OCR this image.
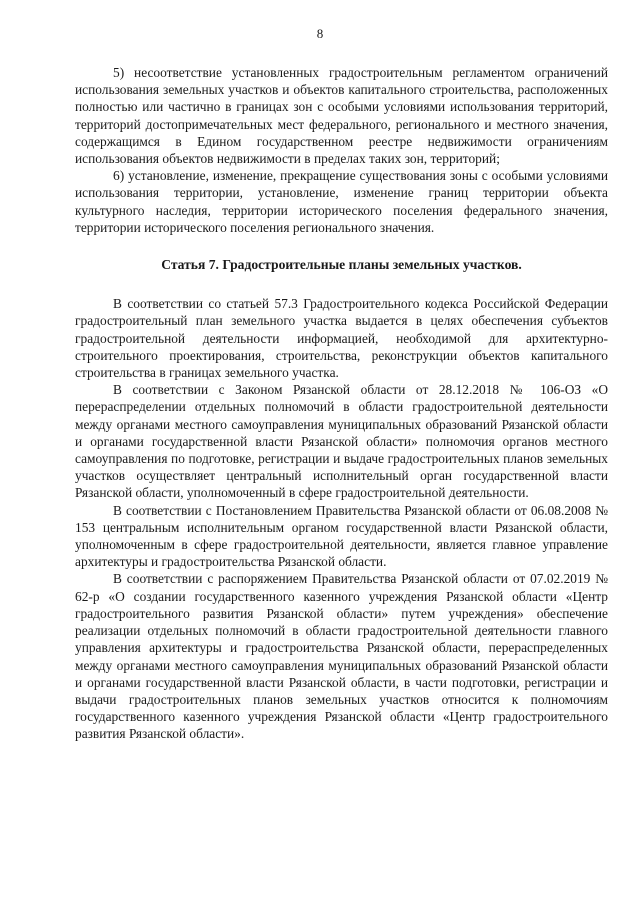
8

5) несоответствие установленных градостроительным регламентом ограничений использования земельных участков и объектов капитального строительства, расположенных полностью или частично в границах зон с особыми условиями использования территорий, территорий достопримечательных мест федерального, регионального и местного значения, содержащимся в Едином государственном реестре недвижимости ограничениям использования объектов недвижимости в пределах таких зон, территорий;

6) установление, изменение, прекращение существования зоны с особыми условиями использования территории, установление, изменение границ территории объекта культурного наследия, территории исторического поселения федерального значения, территории исторического поселения регионального значения.

Статья 7. Градостроительные планы земельных участков.

В соответствии со статьей 57.3 Градостроительного кодекса Российской Федерации градостроительный план земельного участка выдается в целях обеспечения субъектов градостроительной деятельности информацией, необходимой для архитектурно-строительного проектирования, строительства, реконструкции объектов капитального строительства в границах земельного участка.

В соответствии с Законом Рязанской области от 28.12.2018 № 106-ОЗ «О перераспределении отдельных полномочий в области градостроительной деятельности между органами местного самоуправления муниципальных образований Рязанской области и органами государственной власти Рязанской области» полномочия органов местного самоуправления по подготовке, регистрации и выдаче градостроительных планов земельных участков осуществляет центральный исполнительный орган государственной власти Рязанской области, уполномоченный в сфере градостроительной деятельности.

В соответствии с Постановлением Правительства Рязанской области от 06.08.2008 № 153 центральным исполнительным органом государственной власти Рязанской области, уполномоченным в сфере градостроительной деятельности, является главное управление архитектуры и градостроительства Рязанской области.

В соответствии с распоряжением Правительства Рязанской области от 07.02.2019 № 62-р «О создании государственного казенного учреждения Рязанской области «Центр градостроительного развития Рязанской области» путем учреждения» обеспечение реализации отдельных полномочий в области градостроительной деятельности главного управления архитектуры и градостроительства Рязанской области, перераспределенных между органами местного самоуправления муниципальных образований Рязанской области и органами государственной власти Рязанской области, в части подготовки, регистрации и выдачи градостроительных планов земельных участков относится к полномочиям государственного казенного учреждения Рязанской области «Центр градостроительного развития Рязанской области».
